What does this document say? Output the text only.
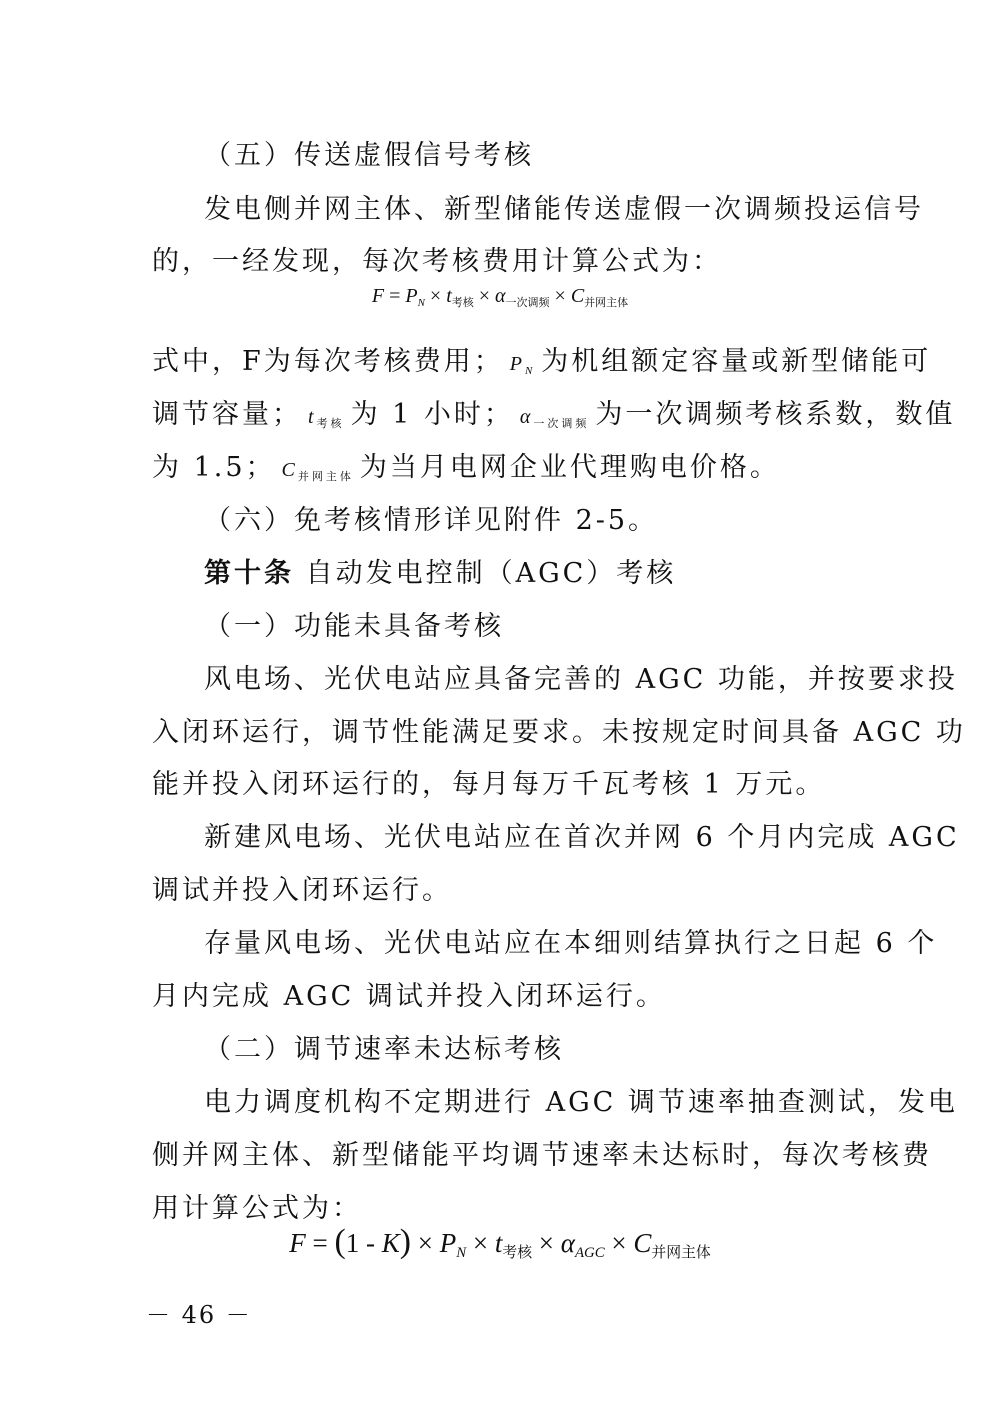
（五）传送虚假信号考核
发电侧并网主体、新型储能传送虚假一次调频投运信号
的，一经发现，每次考核费用计算公式为：
F = PN × $t_{考核} \times \alpha_{一次调频} \times C_{并网主体}$
式中，F为每次考核费用； PN 为机组额定容量或新型储能可
调节容量； $t_{考核}$ 为 1 小时； $\alpha_{一次调频}$ 为一次调频考核系数，数值
为 1.5； $C_{并网主体}$ 为当月电网企业代理购电价格。
（六）免考核情形详见附件 2-5。
第十条 自动发电控制（AGC）考核
（一）功能未具备考核
风电场、光伏电站应具备完善的 AGC 功能，并按要求投
入闭环运行，调节性能满足要求。未按规定时间具备 AGC 功
能并投入闭环运行的，每月每万千瓦考核 1 万元。
新建风电场、光伏电站应在首次并网 6 个月内完成 AGC
调试并投入闭环运行。
存量风电场、光伏电站应在本细则结算执行之日起 6 个
月内完成 AGC 调试并投入闭环运行。
（二）调节速率未达标考核
电力调度机构不定期进行 AGC 调节速率抽查测试，发电
侧并网主体、新型储能平均调节速率未达标时，每次考核费
用计算公式为：
F = (1 - K) × PN × $t_{考核} \times \alpha AGC \times C_{并网主体}$
－ 46 －
